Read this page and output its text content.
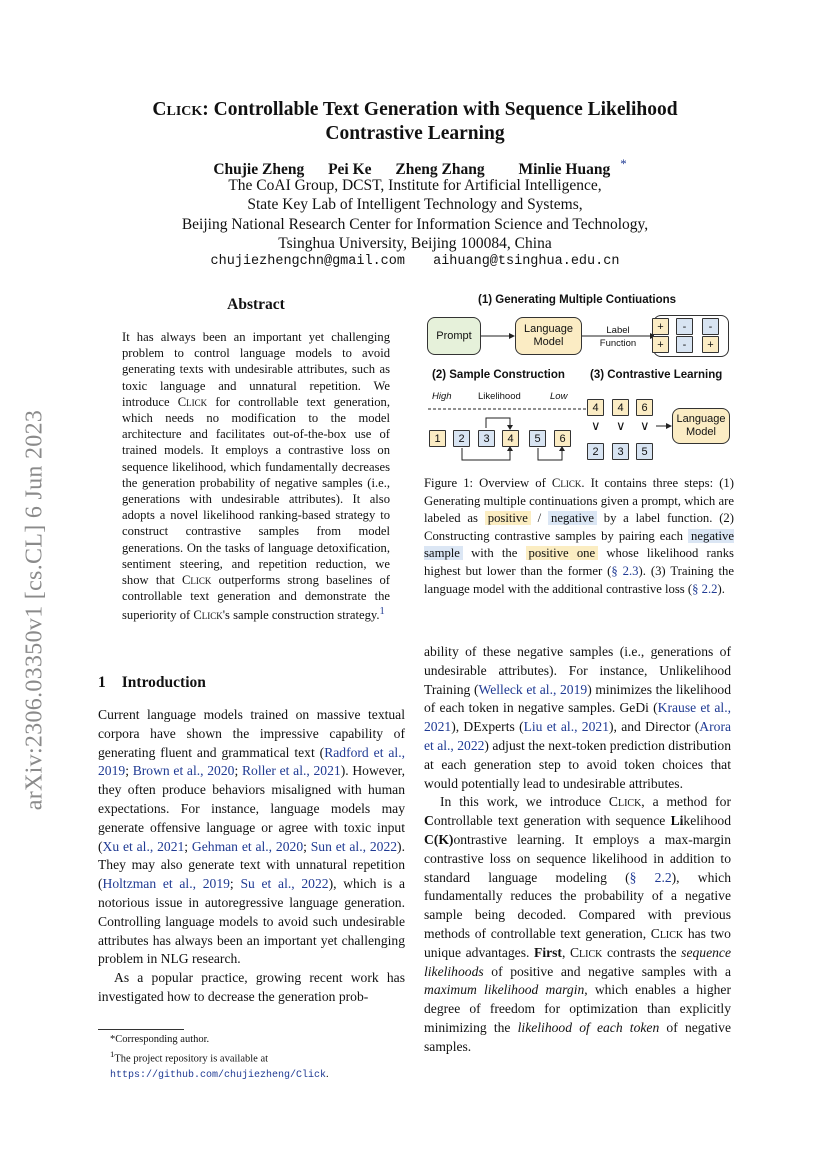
arXiv:2306.03350v1 [cs.CL] 6 Jun 2023
Click: Controllable Text Generation with Sequence Likelihood
Contrastive Learning
Chujie Zheng Pei Ke Zheng Zhang Minlie Huang *
The CoAI Group, DCST, Institute for Artificial Intelligence,
State Key Lab of Intelligent Technology and Systems,
Beijing National Research Center for Information Science and Technology,
Tsinghua University, Beijing 100084, China
chujiezhengchn@gmail.com aihuang@tsinghua.edu.cn
Abstract
It has always been an important yet challenging problem to control language models to avoid generating texts with undesirable attributes, such as toxic language and unnatural repetition. We introduce Click for controllable text generation, which needs no modification to the model architecture and facilitates out-of-the-box use of trained models. It employs a contrastive loss on sequence likelihood, which fundamentally decreases the generation probability of negative samples (i.e., generations with undesirable attributes). It also adopts a novel likelihood ranking-based strategy to construct contrastive samples from model generations. On the tasks of language detoxification, sentiment steering, and repetition reduction, we show that Click outperforms strong baselines of controllable text generation and demonstrate the superiority of Click's sample construction strategy.$^1$
1 Introduction

Current language models trained on massive textual corpora have shown the impressive capability of generating fluent and grammatical text (Radford et al., 2019; Brown et al., 2020; Roller et al., 2021). However, they often produce behaviors misaligned with human expectations. For instance, language models may generate offensive language or agree with toxic input (Xu et al., 2021; Gehman et al., 2020; Sun et al., 2022). They may also generate text with unnatural repetition (Holtzman et al., 2019; Su et al., 2022), which is a notorious issue in autoregressive language generation. Controlling language models to avoid such undesirable attributes has always been an important yet challenging problem in NLG research.

As a popular practice, growing recent work has investigated how to decrease the generation prob-

*Corresponding author.
$^1$The project repository is available at https://github.com/chujiezheng/Click.
(1) Generating Multiple Contiuations
Prompt
Language Model
Label Function
+	-	-
+	-	+
(2) Sample Construction (3) Contrastive Learning
High	Likelihood	Low
1	2	3	4	5	6
4	4	6
∨ ∨ ∨
2	3	5
Language Model
Figure 1: Overview of Click. It contains three steps: (1) Generating multiple continuations given a prompt, which are labeled as positive / negative by a label function. (2) Constructing contrastive samples by pairing each negative sample with the positive one whose likelihood ranks highest but lower than the former (§ 2.3). (3) Training the language model with the additional contrastive loss (§ 2.2).

ability of these negative samples (i.e., generations of undesirable attributes). For instance, Unlikelihood Training (Welleck et al., 2019) minimizes the likelihood of each token in negative samples. GeDi (Krause et al., 2021), DExperts (Liu et al., 2021), and Director (Arora et al., 2022) adjust the next-token prediction distribution at each generation step to avoid token choices that would potentially lead to undesirable attributes.

In this work, we introduce Click, a method for Controllable text generation with sequence Likelihood C(K)ontrastive learning. It employs a max-margin contrastive loss on sequence likelihood in addition to standard language modeling (§ 2.2), which fundamentally reduces the probability of a negative sample being decoded. Compared with previous methods of controllable text generation, Click has two unique advantages. First, Click contrasts the sequence likelihoods of positive and negative samples with a maximum likelihood margin, which enables a higher degree of freedom for optimization than explicitly minimizing the likelihood of each token of negative samples.
